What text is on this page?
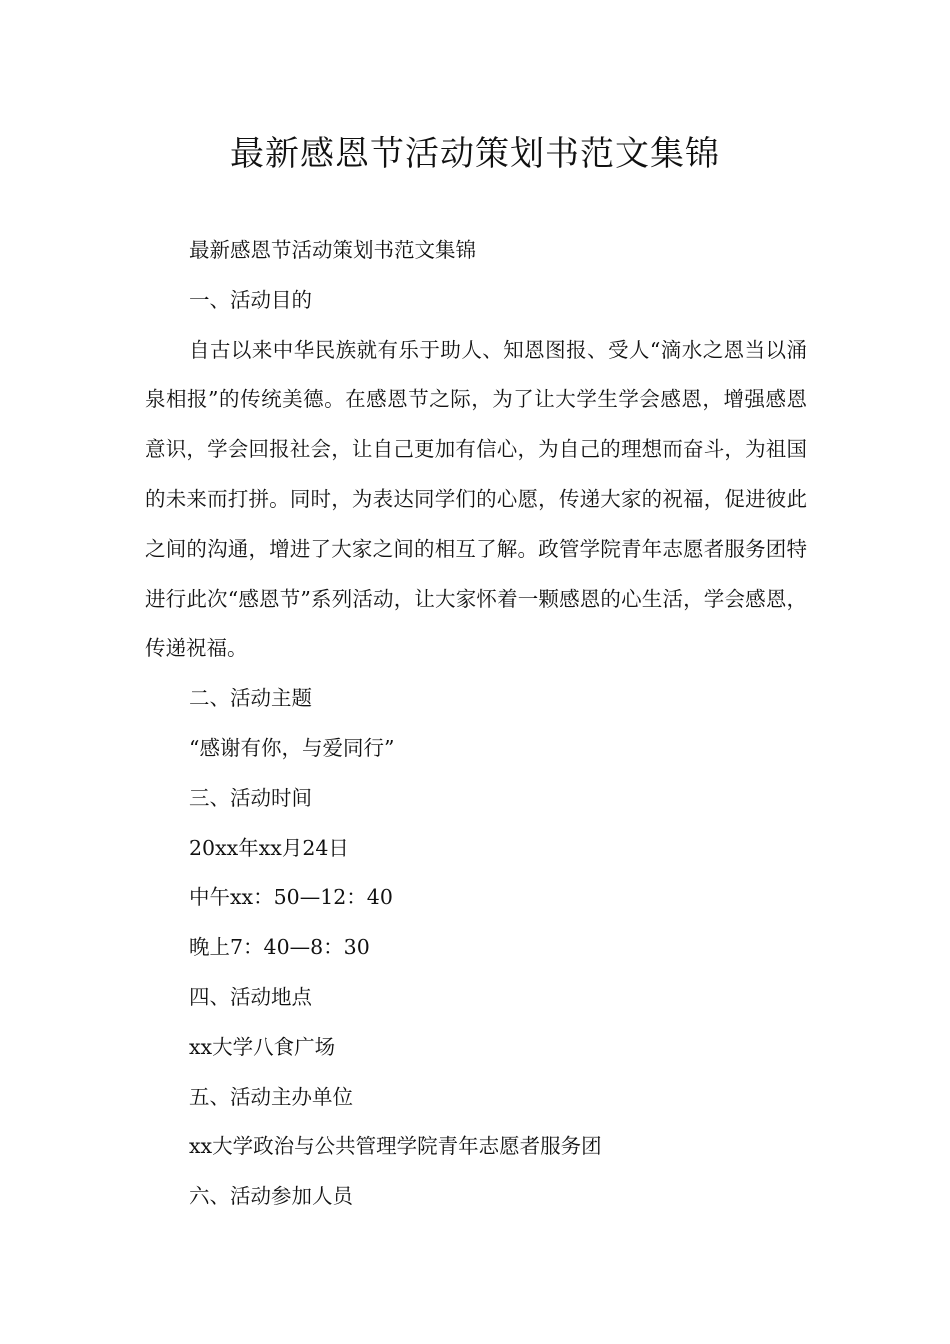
最新感恩节活动策划书范文集锦

最新感恩节活动策划书范文集锦

一、活动目的

自古以来中华民族就有乐于助人、知恩图报、受人“滴水之恩当以涌泉相报”的传统美德。在感恩节之际，为了让大学生学会感恩，增强感恩意识，学会回报社会，让自己更加有信心，为自己的理想而奋斗，为祖国的未来而打拼。同时，为表达同学们的心愿，传递大家的祝福，促进彼此之间的沟通，增进了大家之间的相互了解。政管学院青年志愿者服务团特进行此次“感恩节”系列活动，让大家怀着一颗感恩的心生活，学会感恩，传递祝福。

二、活动主题

“感谢有你，与爱同行”

三、活动时间

20xx年xx月24日

中午xx：50—12：40

晚上7：40—8：30

四、活动地点

xx大学八食广场

五、活动主办单位

xx大学政治与公共管理学院青年志愿者服务团

六、活动参加人员
